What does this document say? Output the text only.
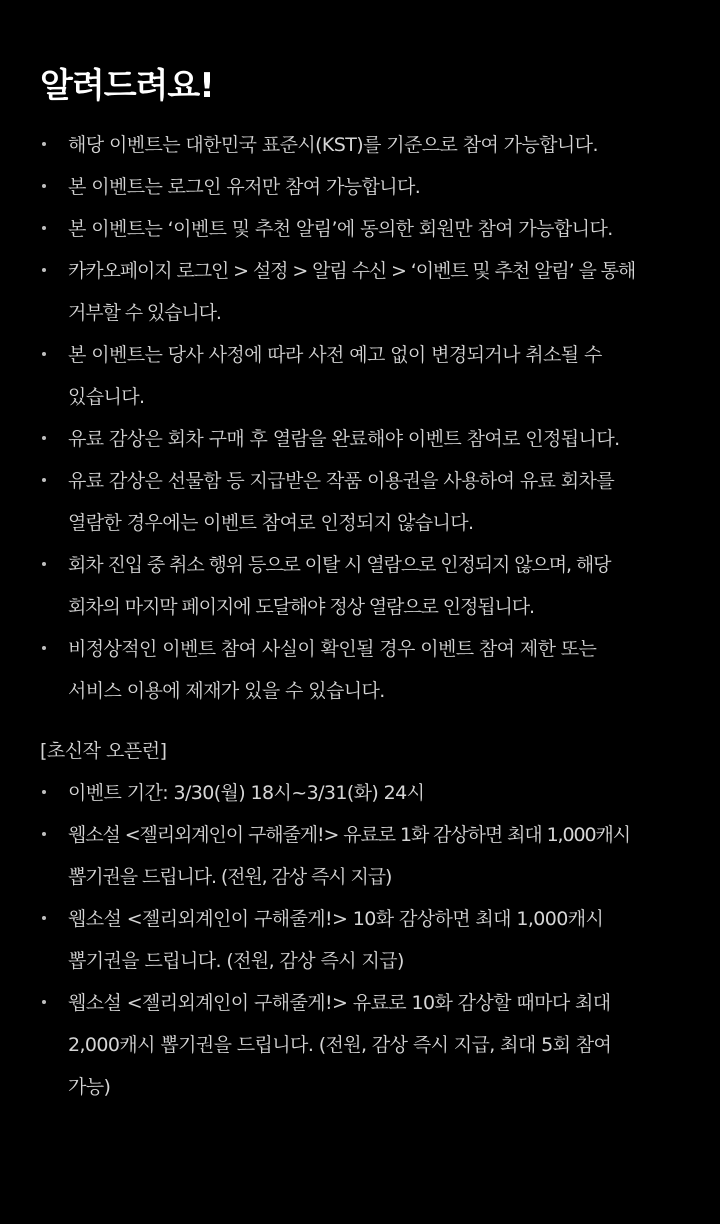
알려드려요!
해당 이벤트는 대한민국 표준시(KST)를 기준으로 참여 가능합니다.
본 이벤트는 로그인 유저만 참여 가능합니다.
본 이벤트는 ‘이벤트 및 추천 알림’에 동의한 회원만 참여 가능합니다.
카카오페이지 로그인 > 설정 > 알림 수신 > ‘이벤트 및 추천 알림’ 을 통해
거부할 수 있습니다.
본 이벤트는 당사 사정에 따라 사전 예고 없이 변경되거나 취소될 수
있습니다.
유료 감상은 회차 구매 후 열람을 완료해야 이벤트 참여로 인정됩니다.
유료 감상은 선물함 등 지급받은 작품 이용권을 사용하여 유료 회차를
열람한 경우에는 이벤트 참여로 인정되지 않습니다.
회차 진입 중 취소 행위 등으로 이탈 시 열람으로 인정되지 않으며, 해당
회차의 마지막 페이지에 도달해야 정상 열람으로 인정됩니다.
비정상적인 이벤트 참여 사실이 확인될 경우 이벤트 참여 제한 또는
서비스 이용에 제재가 있을 수 있습니다.
[초신작 오픈런]
이벤트 기간: 3/30(월) 18시~3/31(화) 24시
웹소설 <젤리외계인이 구해줄게!> 유료로 1화 감상하면 최대 1,000캐시
뽑기권을 드립니다. (전원, 감상 즉시 지급)
웹소설 <젤리외계인이 구해줄게!> 10화 감상하면 최대 1,000캐시
뽑기권을 드립니다. (전원, 감상 즉시 지급)
웹소설 <젤리외계인이 구해줄게!> 유료로 10화 감상할 때마다 최대
2,000캐시 뽑기권을 드립니다. (전원, 감상 즉시 지급, 최대 5회 참여
가능)
